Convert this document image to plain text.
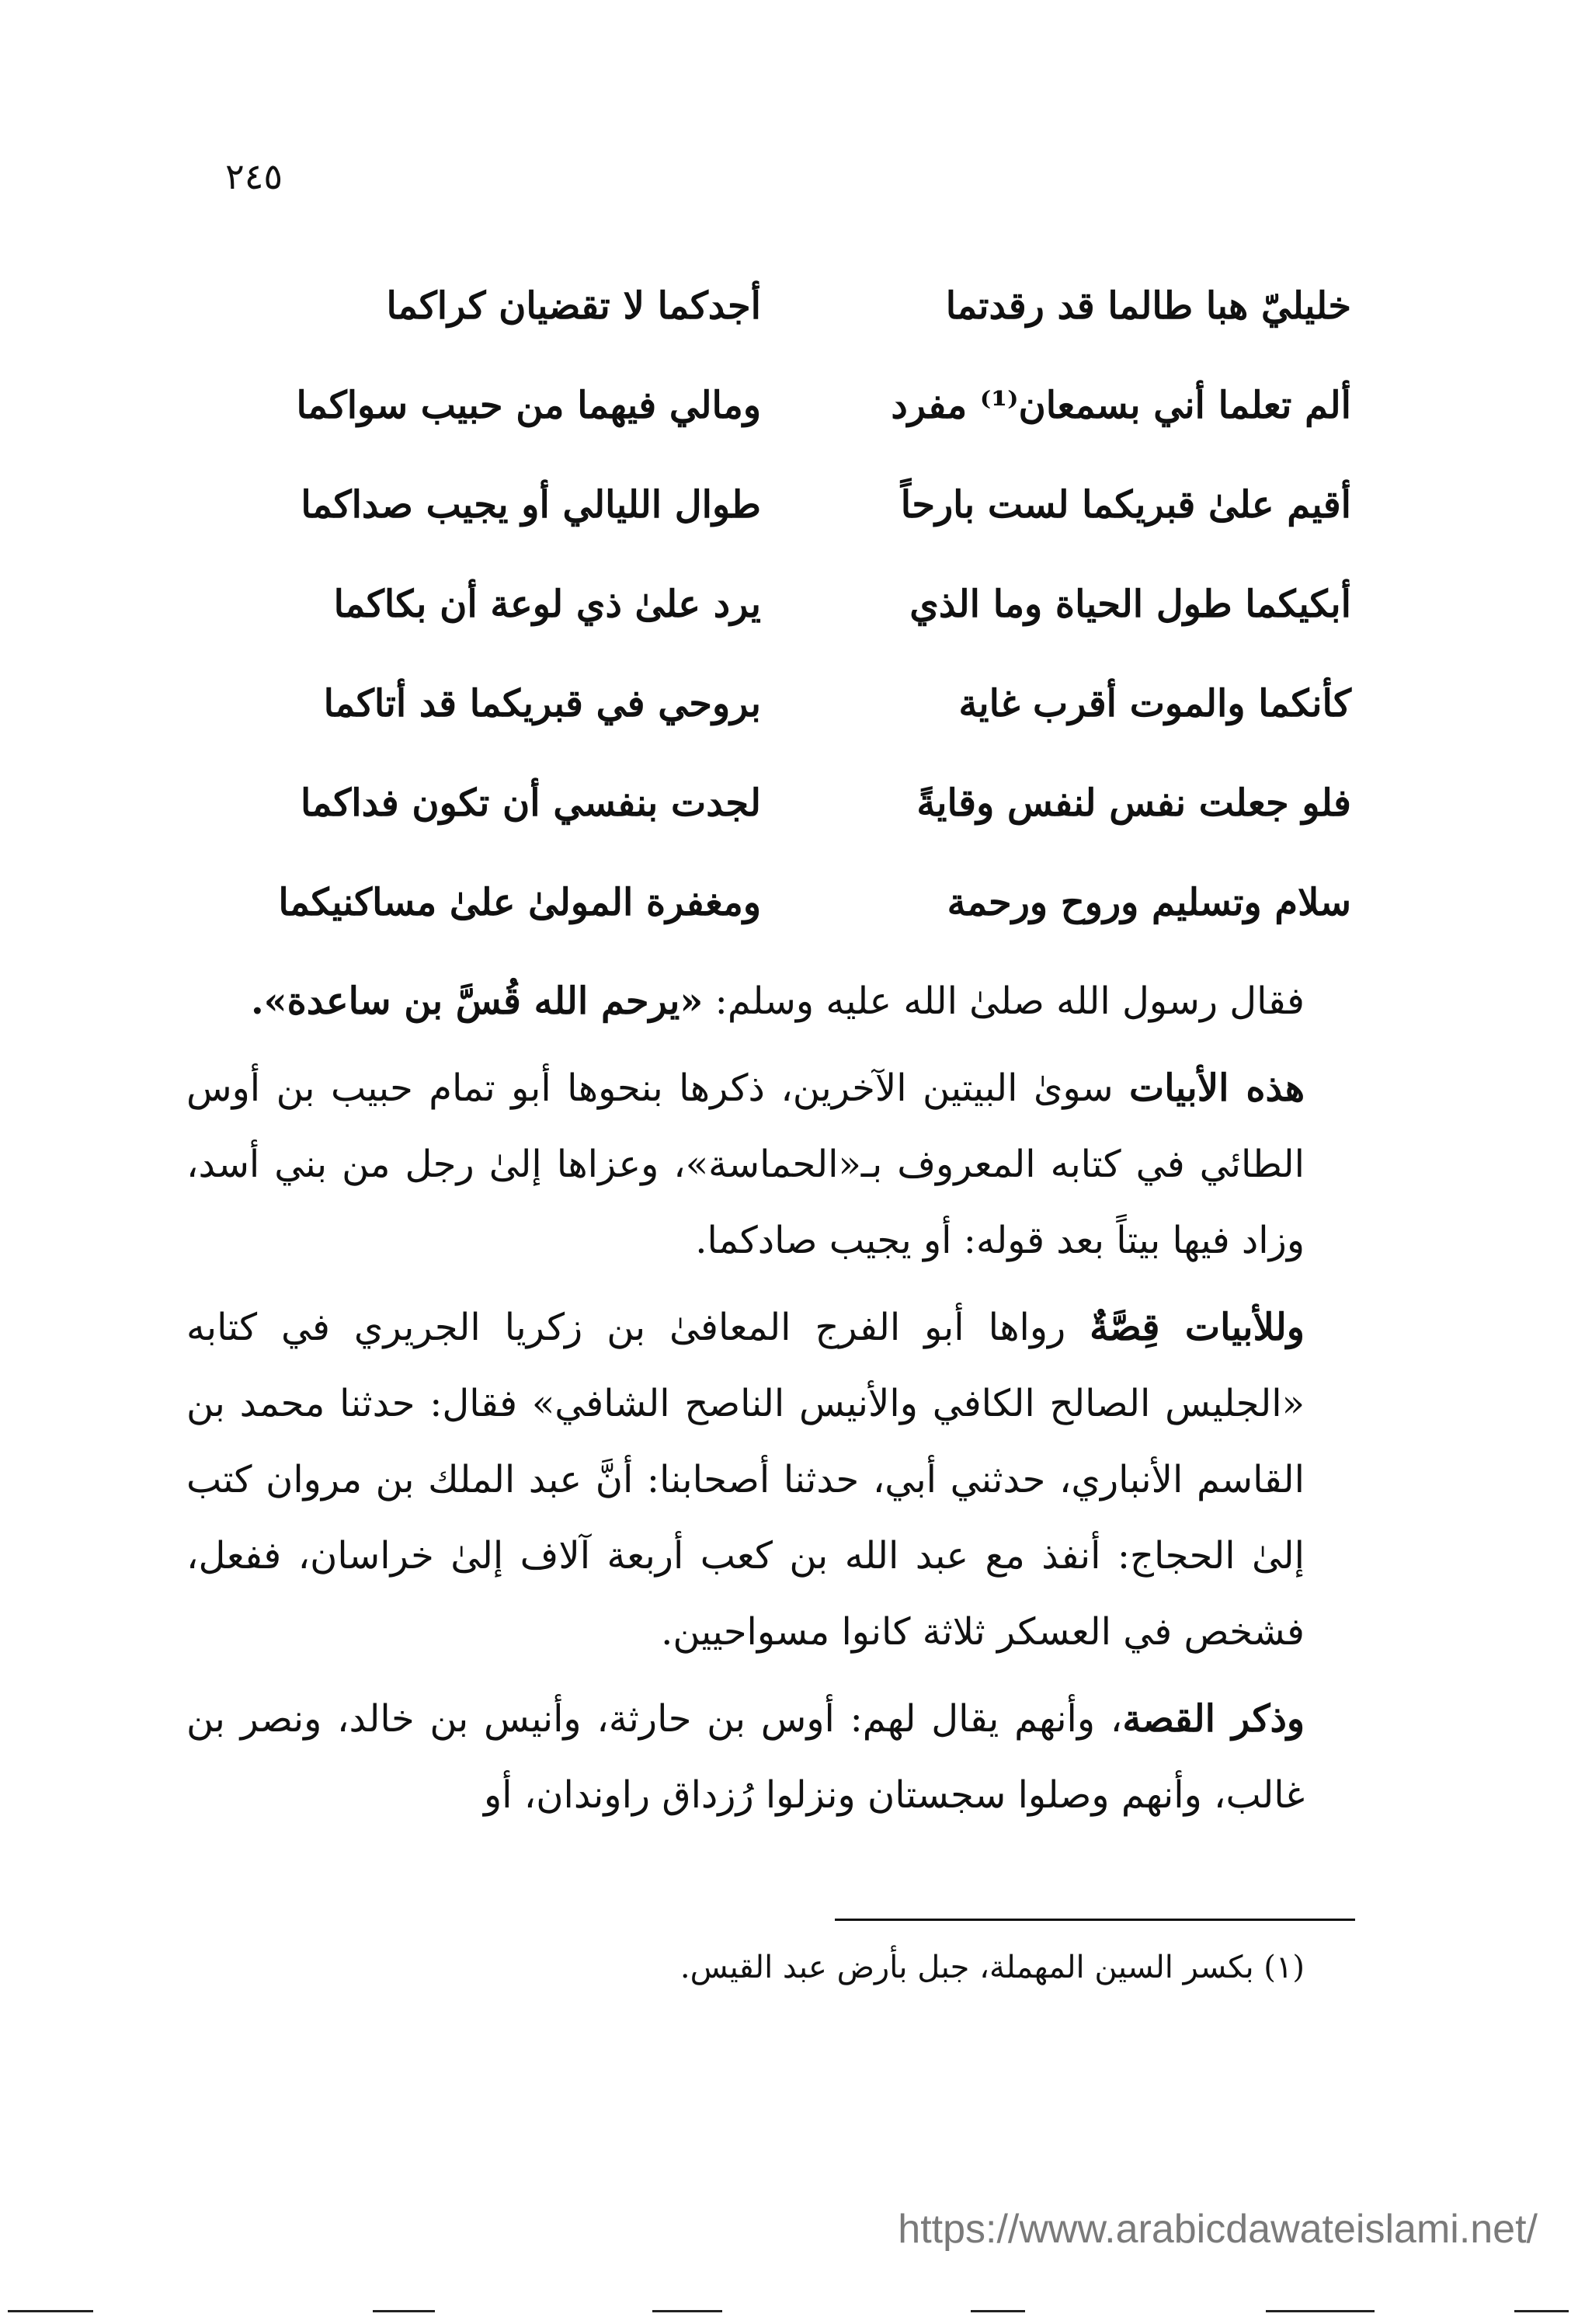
٢٤٥
خليليّ هبا طالما قد رقدتما
أجدكما لا تقضيان كراكما
ألم تعلما أني بسمعان⁽¹⁾ مفرد
ومالي فيهما من حبيب سواكما
أقيم علىٰ قبريكما لست بارحاً
طوال الليالي أو يجيب صداكما
أبكيكما طول الحياة وما الذي
يرد علىٰ ذي لوعة أن بكاكما
كأنكما والموت أقرب غاية
بروحي في قبريكما قد أتاكما
فلو جعلت نفس لنفس وقايةً
لجدت بنفسي أن تكون فداكما
سلام وتسليم وروح ورحمة
ومغفرة المولىٰ علىٰ مساكنيكما

فقال رسول الله صلىٰ الله عليه وسلم: «يرحم الله قُسَّ بن ساعدة».

هذه الأبيات سوىٰ البيتين الآخرين، ذكرها بنحوها أبو تمام حبيب بن أوس الطائي في كتابه المعروف بـ«الحماسة»، وعزاها إلىٰ رجل من بني أسد، وزاد فيها بيتاً بعد قوله: أو يجيب صادكما.

وللأبيات قِصَّةٌ رواها أبو الفرج المعافىٰ بن زكريا الجريري في كتابه «الجليس الصالح الكافي والأنيس الناصح الشافي» فقال: حدثنا محمد بن القاسم الأنباري، حدثني أبي، حدثنا أصحابنا: أنَّ عبد الملك بن مروان كتب إلىٰ الحجاج: أنفذ مع عبد الله بن كعب أربعة آلاف إلىٰ خراسان، ففعل، فشخص في العسكر ثلاثة كانوا مسواحيين.

وذكر القصة، وأنهم يقال لهم: أوس بن حارثة، وأنيس بن خالد، ونصر بن غالب، وأنهم وصلوا سجستان ونزلوا رُزداق راوندان، أو

(١) بكسر السين المهملة، جبل بأرض عبد القيس.
https://www.arabicdawateislami.net/
